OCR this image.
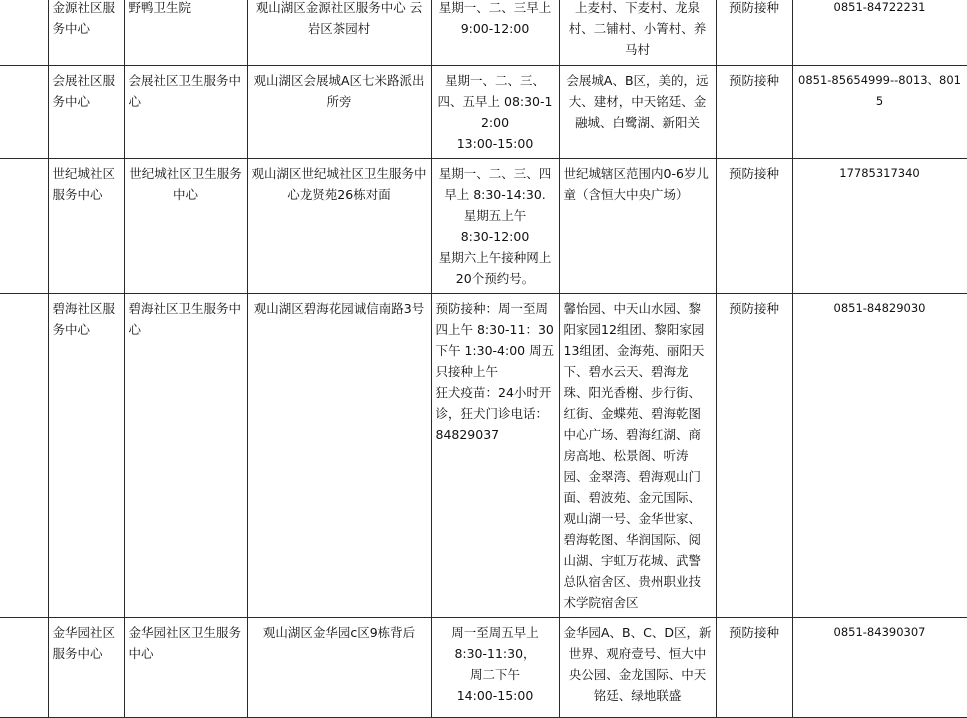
	金源社区服务中心	野鸭卫生院	观山湖区金源社区服务中心 云岩区茶园村	星期一、二、三早上
9:00-12:00	上麦村、下麦村、龙泉村、二铺村、小箐村、养马村	预防接种	0851-84722231
	会展社区服务中心	会展社区卫生服务中心	观山湖区会展城A区七米路派出所旁	星期一、二、三、四、五早上 08:30-12:00
13:00-15:00	会展城A、B区，美的，远大、建材，中天铭廷、金融城、白鹭湖、新阳关	预防接种	0851-85654999--8013、8015
	世纪城社区服务中心	世纪城社区卫生服务中心	观山湖区世纪城社区卫生服务中心龙贤苑26栋对面	星期一、二、三、四早上 8:30-14:30.
星期五上午
8:30-12:00
星期六上午接种网上20个预约号。	世纪城辖区范围内0-6岁儿童（含恒大中央广场）	预防接种	17785317340
	碧海社区服务中心	碧海社区卫生服务中心	观山湖区碧海花园诚信南路3号	预防接种：周一至周四上午 8:30-11：30 下午 1:30-4:00 周五只接种上午
狂犬疫苗：24小时开诊，狂犬门诊电话：84829037	馨怡园、中天山水园、黎阳家园12组团、黎阳家园13组团、金海苑、丽阳天下、碧水云天、碧海龙珠、阳光香榭、步行街、红街、金蝶苑、碧海乾图中心广场、碧海红湖、商房高地、松景阁、听涛园、金翠湾、碧海观山门面、碧波苑、金元国际、观山湖一号、金华世家、碧海乾图、华润国际、阅山湖、宇虹万花城、武警总队宿舍区、贵州职业技术学院宿舍区	预防接种	0851-84829030
	金华园社区服务中心	金华园社区卫生服务中心	观山湖区金华园c区9栋背后	周一至周五早上
8:30-11:30，
周二下午
14:00-15:00	金华园A、B、C、D区，新世界、观府壹号、恒大中央公园、金龙国际、中天铭廷、绿地联盛	预防接种	0851-84390307
